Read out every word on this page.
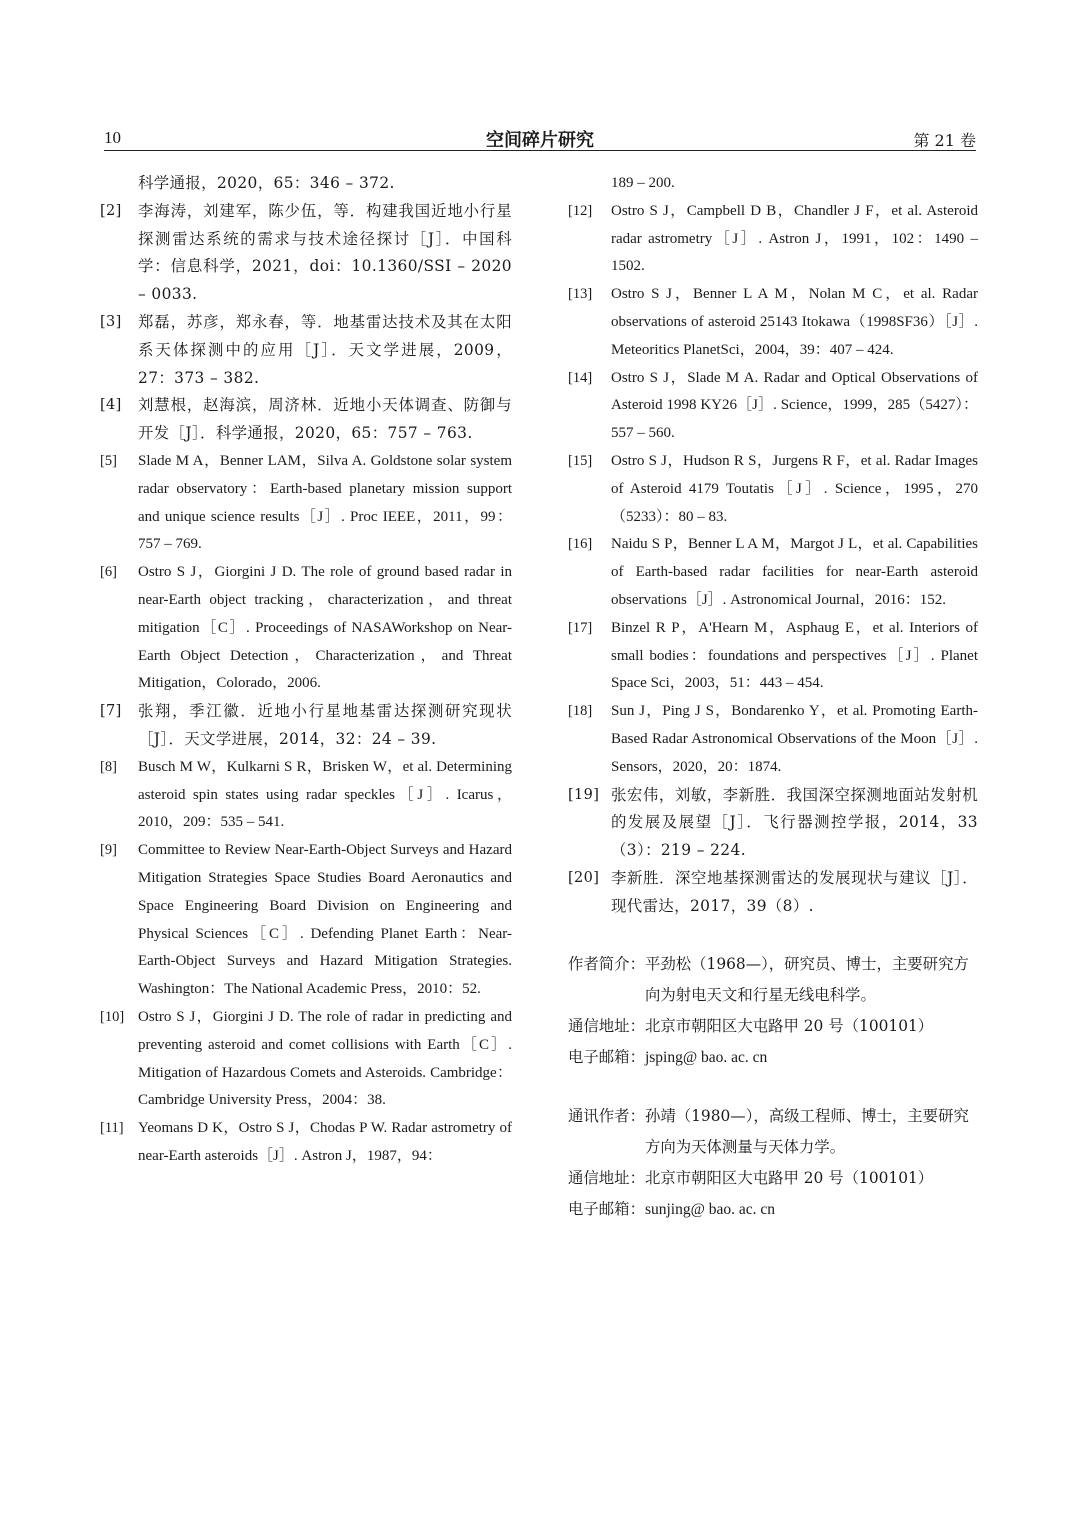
10	空间碎片研究	第 21 卷

科学通报，2020，65：346 – 372.

[2] 李海涛，刘建军，陈少伍，等．构建我国近地小行星探测雷达系统的需求与技术途径探讨［J］．中国科学：信息科学，2021，doi：10.1360/SSI – 2020 – 0033.
[3] 郑磊，苏彦，郑永春，等．地基雷达技术及其在太阳系天体探测中的应用［J］．天文学进展，2009，27：373 – 382.
[4] 刘慧根，赵海滨，周济林．近地小天体调查、防御与开发［J］．科学通报，2020，65：757 – 763.
[5] Slade M A，Benner LAM，Silva A. Goldstone solar system radar observatory：Earth-based planetary mission support and unique science results［J］. Proc IEEE，2011，99：757 – 769.
[6] Ostro S J，Giorgini J D. The role of ground based radar in near-Earth object tracking，characterization，and threat mitigation［C］. Proceedings of NASAWorkshop on Near-Earth Object Detection，Characterization，and Threat Mitigation，Colorado，2006.
[7] 张翔，季江徽．近地小行星地基雷达探测研究现状［J］．天文学进展，2014，32：24 – 39.
[8] Busch M W，Kulkarni S R，Brisken W，et al. Determining asteroid spin states using radar speckles［J］. Icarus，2010，209：535 – 541.
[9] Committee to Review Near-Earth-Object Surveys and Hazard Mitigation Strategies Space Studies Board Aeronautics and Space Engineering Board Division on Engineering and Physical Sciences［C］. Defending Planet Earth：Near-Earth-Object Surveys and Hazard Mitigation Strategies. Washington：The National Academic Press，2010：52.
[10] Ostro S J，Giorgini J D. The role of radar in predicting and preventing asteroid and comet collisions with Earth［C］. Mitigation of Hazardous Comets and Asteroids. Cambridge：Cambridge University Press，2004：38.
[11] Yeomans D K，Ostro S J，Chodas P W. Radar astrometry of near-Earth asteroids［J］. Astron J，1987，94：

189 – 200.

[12] Ostro S J，Campbell D B，Chandler J F，et al. Asteroid radar astrometry［J］. Astron J，1991，102：1490 – 1502.
[13] Ostro S J，Benner L A M，Nolan M C，et al. Radar observations of asteroid 25143 Itokawa（1998SF36）［J］. Meteoritics PlanetSci，2004，39：407 – 424.
[14] Ostro S J，Slade M A. Radar and Optical Observations of Asteroid 1998 KY26［J］. Science，1999，285（5427）：557 – 560.
[15] Ostro S J，Hudson R S，Jurgens R F，et al. Radar Images of Asteroid 4179 Toutatis［J］. Science，1995，270（5233）：80 – 83.
[16] Naidu S P，Benner L A M，Margot J L，et al. Capabilities of Earth-based radar facilities for near-Earth asteroid observations［J］. Astronomical Journal，2016：152.
[17] Binzel R P，A'Hearn M，Asphaug E，et al. Interiors of small bodies：foundations and perspectives［J］. Planet Space Sci，2003，51：443 – 454.
[18] Sun J，Ping J S，Bondarenko Y，et al. Promoting Earth-Based Radar Astronomical Observations of the Moon［J］. Sensors，2020，20：1874.
[19] 张宏伟，刘敏，李新胜．我国深空探测地面站发射机的发展及展望［J］．飞行器测控学报，2014，33（3）：219 – 224.
[20] 李新胜．深空地基探测雷达的发展现状与建议［J］．现代雷达，2017，39（8）.
作者简介： 平劲松（1968—），研究员、博士，主要研究方向为射电天文和行星无线电科学。
通信地址： 北京市朝阳区大屯路甲 20 号（100101）
电子邮箱： jsping@ bao. ac. cn
通讯作者： 孙靖（1980—），高级工程师、博士，主要研究方向为天体测量与天体力学。
通信地址： 北京市朝阳区大屯路甲 20 号（100101）
电子邮箱： sunjing@ bao. ac. cn
